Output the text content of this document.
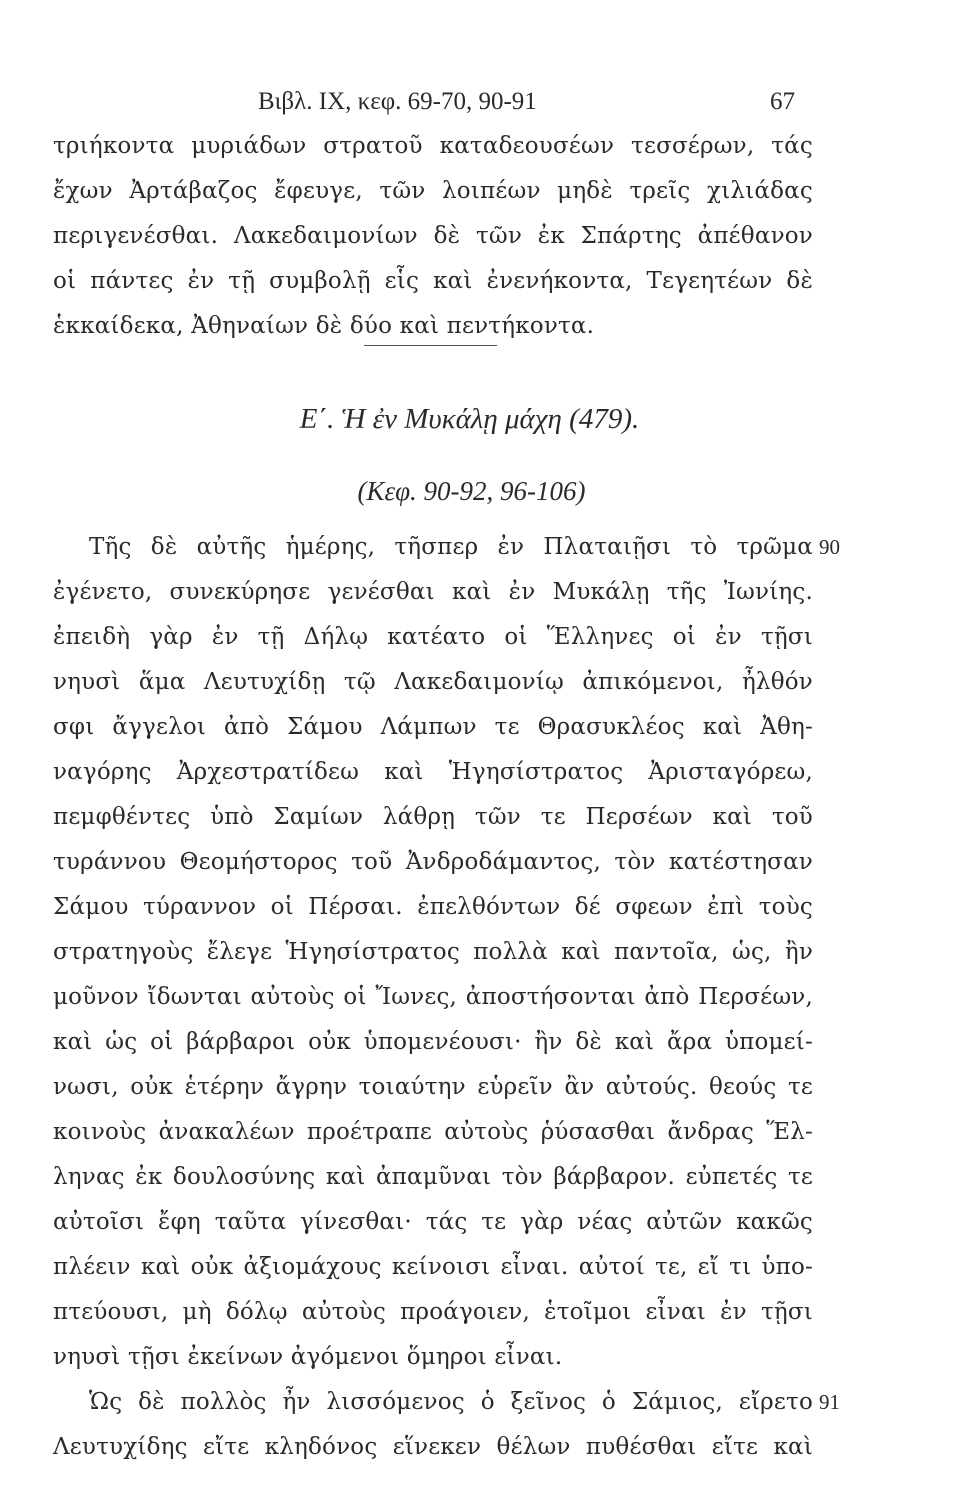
Βιβλ. IX, κεφ. 69-70, 90-91	67
τριήκοντα μυριάδων στρατοῦ καταδεουσέων τεσσέρων, τάς
ἔχων Ἀρτάβαζος ἔφευγε, τῶν λοιπέων μηδὲ τρεῖς χιλιάδας
περιγενέσθαι. Λακεδαιμονίων δὲ τῶν ἐκ Σπάρτης ἀπέθανον
οἱ πάντες ἐν τῇ συμβολῇ εἷς καὶ ἐνενήκοντα, Τεγεητέων δὲ
ἑκκαίδεκα, Ἀθηναίων δὲ δύο καὶ πεντήκοντα.
Ε΄. Ἡ ἐν Μυκάλῃ μάχη (479).
(Κεφ. 90-92, 96-106)
Τῆς δὲ αὐτῆς ἡμέρης, τῆσπερ ἐν Πλαταιῇσι τὸ τρῶμα 90
ἐγένετο, συνεκύρησε γενέσθαι καὶ ἐν Μυκάλῃ τῆς Ἰωνίης.
ἐπειδὴ γὰρ ἐν τῇ Δήλῳ κατέατο οἱ Ἕλληνες οἱ ἐν τῇσι
νηυσὶ ἅμα Λευτυχίδῃ τῷ Λακεδαιμονίῳ ἀπικόμενοι, ἦλθόν
σφι ἄγγελοι ἀπὸ Σάμου Λάμπων τε Θρασυκλέος καὶ Ἀθη-
ναγόρης Ἀρχεστρατίδεω καὶ Ἡγησίστρατος Ἀρισταγόρεω,
πεμφθέντες ὑπὸ Σαμίων λάθρῃ τῶν τε Περσέων καὶ τοῦ
τυράννου Θεομήστορος τοῦ Ἀνδροδάμαντος, τὸν κατέστησαν
Σάμου τύραννον οἱ Πέρσαι. ἐπελθόντων δέ σφεων ἐπὶ τοὺς
στρατηγοὺς ἔλεγε Ἡγησίστρατος πολλὰ καὶ παντοῖα, ὡς, ἢν
μοῦνον ἴδωνται αὐτοὺς οἱ Ἴωνες, ἀποστήσονται ἀπὸ Περσέων,
καὶ ὡς οἱ βάρβαροι οὐκ ὑπομενέουσι· ἢν δὲ καὶ ἄρα ὑπομεί-
νωσι, οὐκ ἑτέρην ἄγρην τοιαύτην εὑρεῖν ἂν αὐτούς. θεούς τε
κοινοὺς ἀνακαλέων προέτραπε αὐτοὺς ῥύσασθαι ἄνδρας Ἕλ-
ληνας ἐκ δουλοσύνης καὶ ἀπαμῦναι τὸν βάρβαρον. εὐπετές τε
αὐτοῖσι ἔφη ταῦτα γίνεσθαι· τάς τε γὰρ νέας αὐτῶν κακῶς
πλέειν καὶ οὐκ ἀξιομάχους κείνοισι εἶναι. αὐτοί τε, εἴ τι ὑπο-
πτεύουσι, μὴ δόλῳ αὐτοὺς προάγοιεν, ἑτοῖμοι εἶναι ἐν τῇσι
νηυσὶ τῇσι ἐκείνων ἀγόμενοι ὅμηροι εἶναι.
Ὡς δὲ πολλὸς ἦν λισσόμενος ὁ ξεῖνος ὁ Σάμιος, εἴρετο 91
Λευτυχίδης εἴτε κληδόνος εἵνεκεν θέλων πυθέσθαι εἴτε καὶ
